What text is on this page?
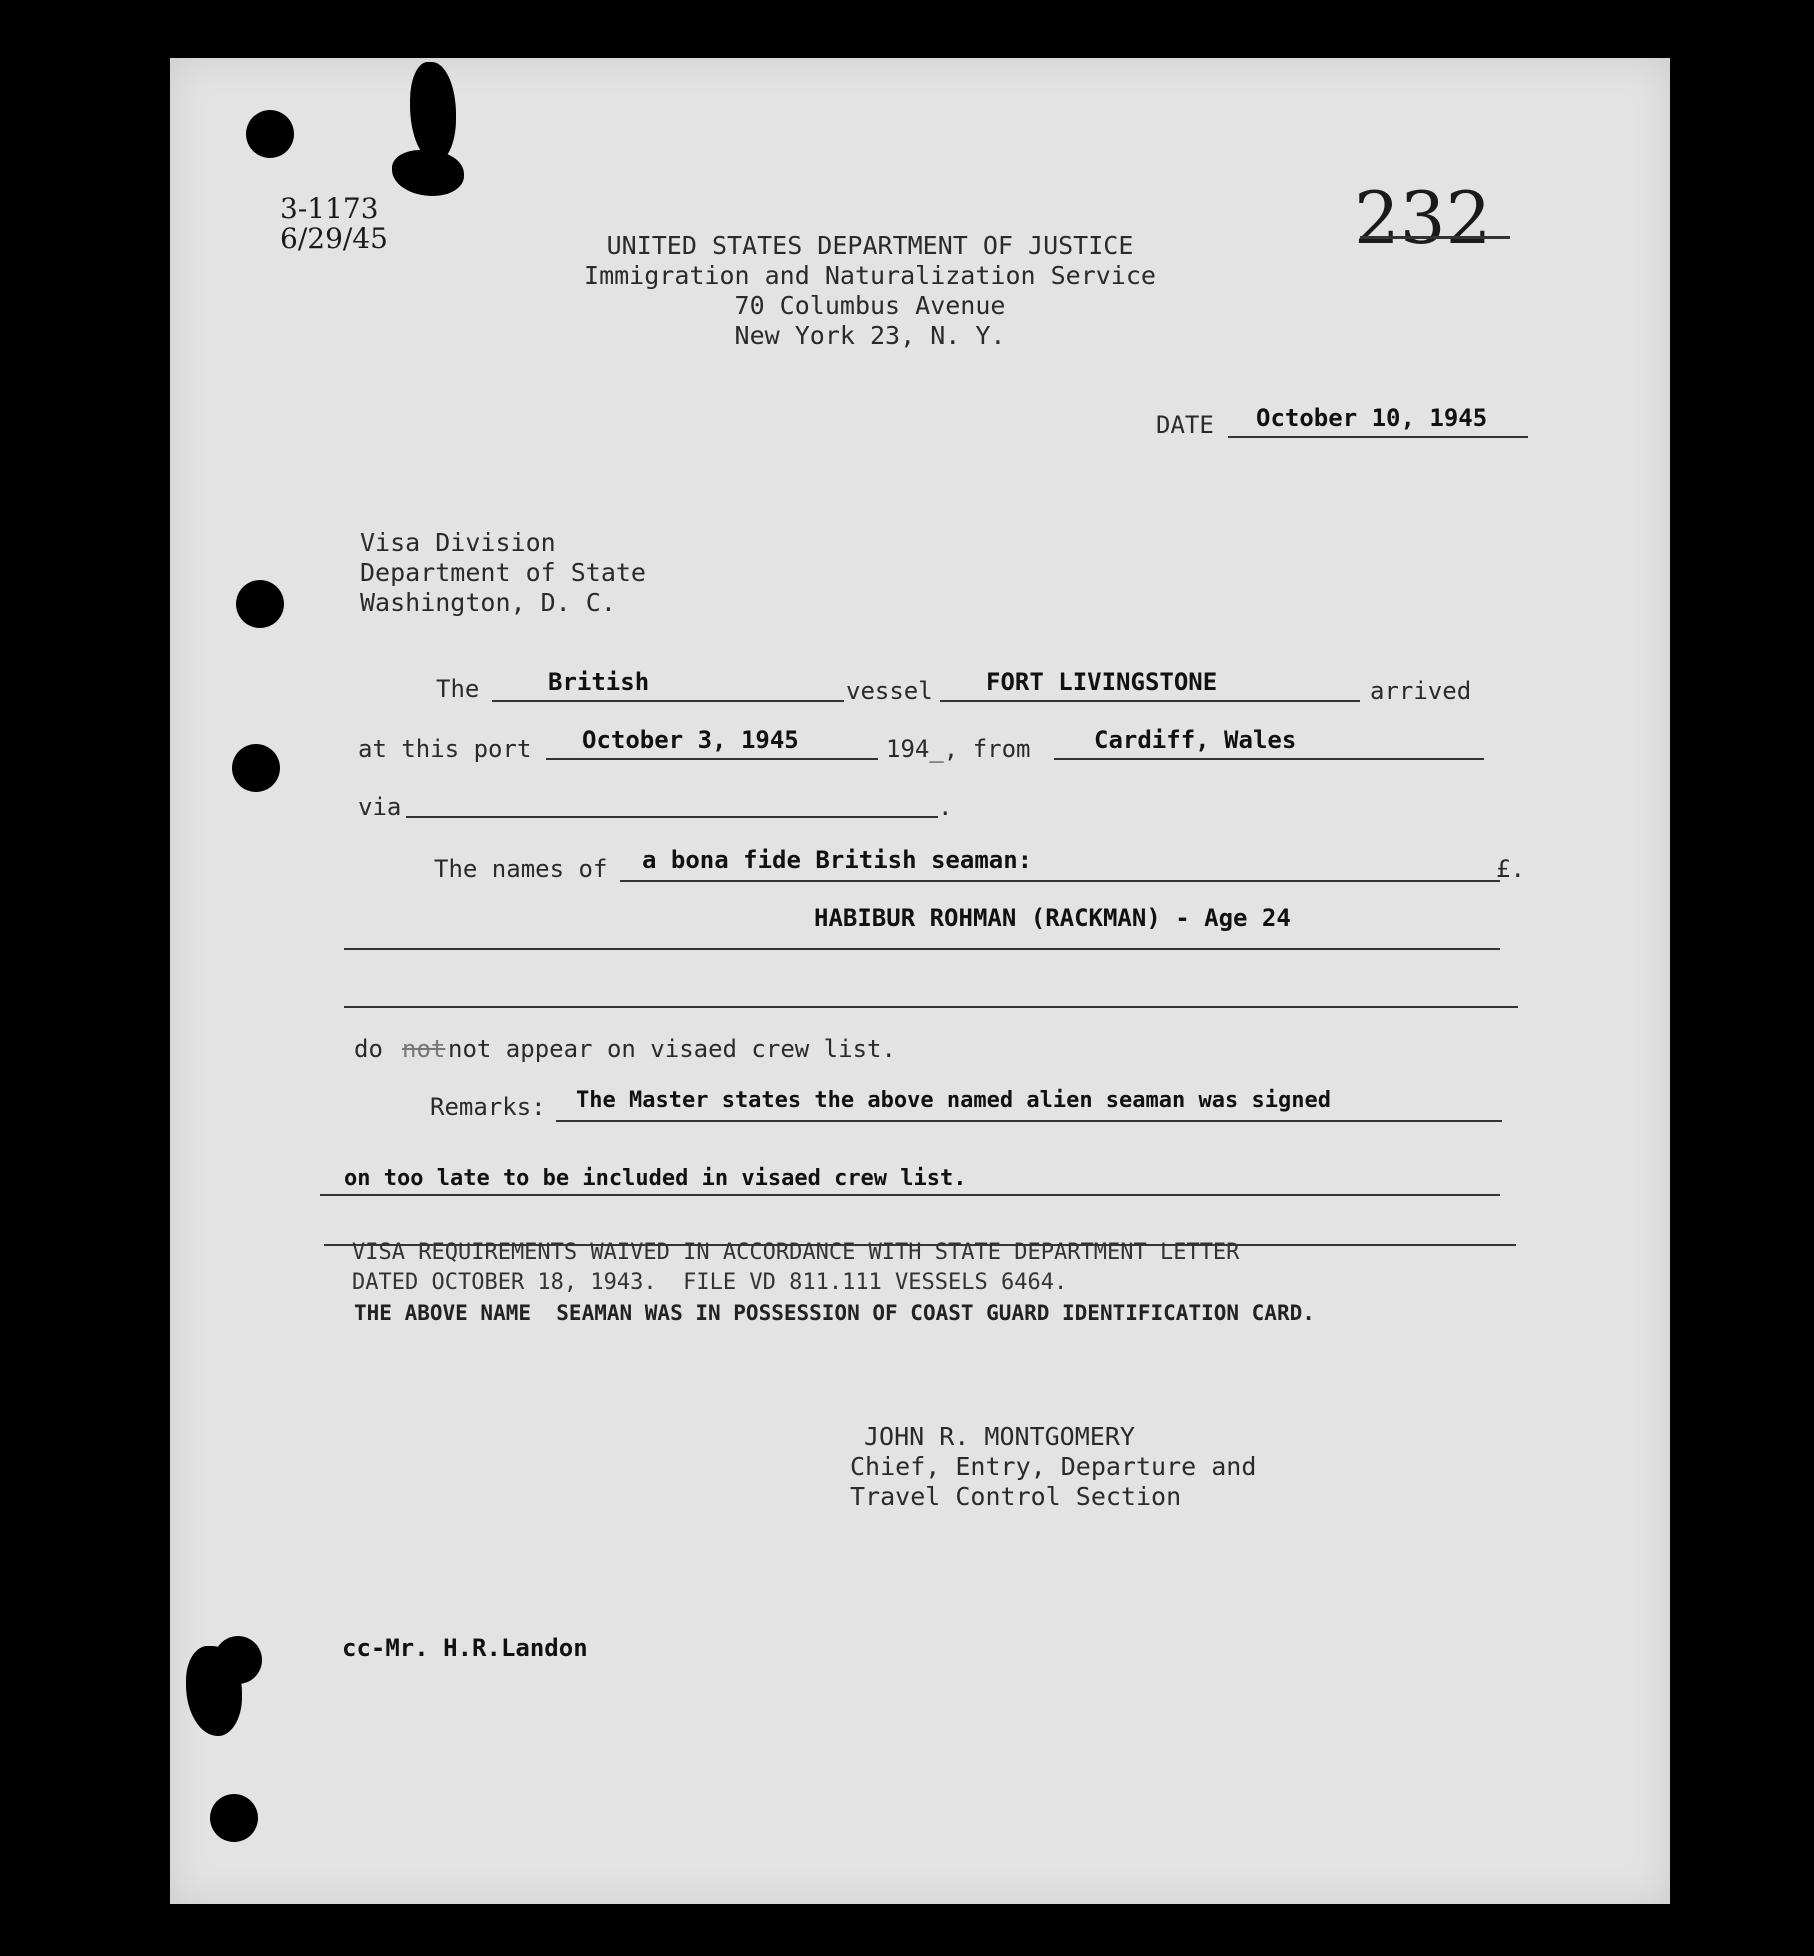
3-1173
6/29/45	232
UNITED STATES DEPARTMENT OF JUSTICE
Immigration and Naturalization Service
70 Columbus Avenue
New York 23, N. Y.
DATE October 10, 1945
Visa Division
Department of State
Washington, D. C.
The	British	vessel FORT LIVINGSTONE	arrived
at this port October 3, 1945	194_, from	Cardiff, Wales
via	.
The names of a bona fide British seaman:	£.
HABIBUR ROHMAN (RACKMAN) - Age 24
do not not appear on visaed crew list.
Remarks: The Master states the above named alien seaman was signed
on too late to be included in visaed crew list.
VISA REQUIREMENTS WAIVED IN ACCORDANCE WITH STATE DEPARTMENT LETTER
DATED OCTOBER 18, 1943.  FILE VD 811.111 VESSELS 6464.
THE ABOVE NAME  SEAMAN WAS IN POSSESSION OF COAST GUARD IDENTIFICATION CARD.
JOHN R. MONTGOMERY
Chief, Entry, Departure and
Travel Control Section
cc-Mr. H.R.Landon
